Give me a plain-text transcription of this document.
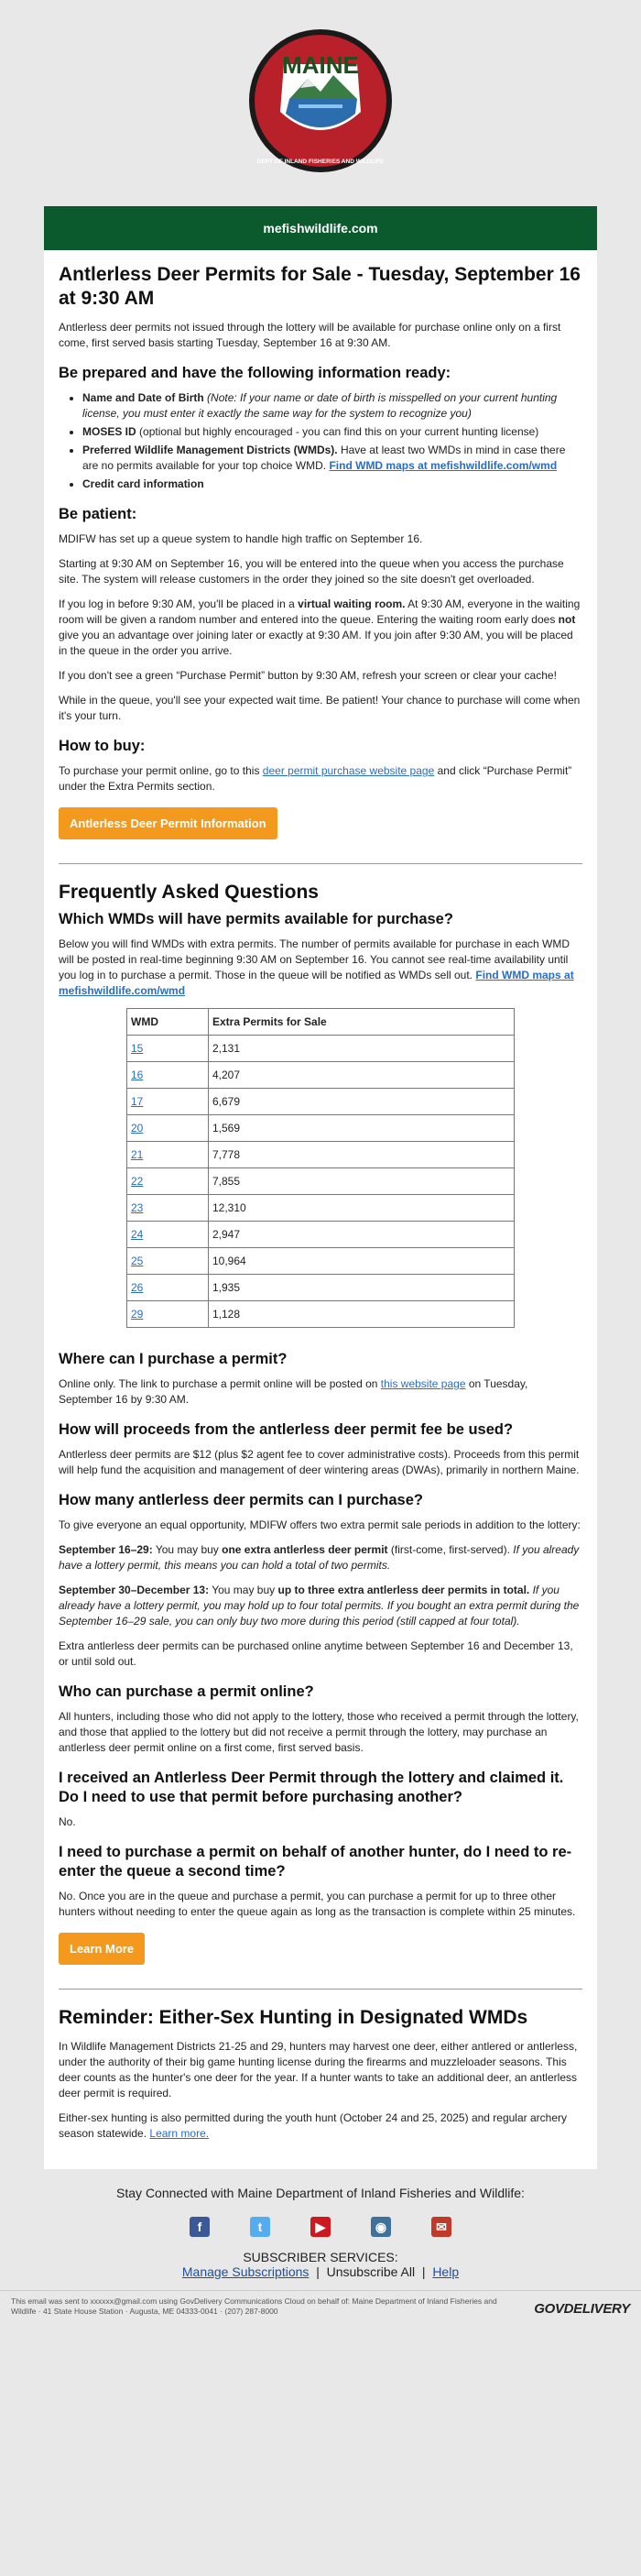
MAINE
DEPT OF INLAND FISHERIES AND WILDLIFE
mefishwildlife.com
Antlerless Deer Permits for Sale - Tuesday, September 16 at 9:30 AM

Antlerless deer permits not issued through the lottery will be available for purchase online only on a first come, first served basis starting Tuesday, September 16 at 9:30 AM.

Be prepared and have the following information ready:
• Name and Date of Birth (Note: If your name or date of birth is misspelled on your current hunting license, you must enter it exactly the same way for the system to recognize you)
• MOSES ID (optional but highly encouraged - you can find this on your current hunting license)
• Preferred Wildlife Management Districts (WMDs). Have at least two WMDs in mind in case there are no permits available for your top choice WMD. Find WMD maps at mefishwildlife.com/wmd
• Credit card information
Be patient:

MDIFW has set up a queue system to handle high traffic on September 16.

Starting at 9:30 AM on September 16, you will be entered into the queue when you access the purchase site. The system will release customers in the order they joined so the site doesn't get overloaded.

If you log in before 9:30 AM, you'll be placed in a virtual waiting room. At 9:30 AM, everyone in the waiting room will be given a random number and entered into the queue. Entering the waiting room early does not give you an advantage over joining later or exactly at 9:30 AM. If you join after 9:30 AM, you will be placed in the queue in the order you arrive.

If you don't see a green “Purchase Permit” button by 9:30 AM, refresh your screen or clear your cache!

While in the queue, you'll see your expected wait time. Be patient! Your chance to purchase will come when it's your turn.

How to buy:

To purchase your permit online, go to this deer permit purchase website page and click “Purchase Permit” under the Extra Permits section.

Antlerless Deer Permit Information
Frequently Asked Questions
Which WMDs will have permits available for purchase?

Below you will find WMDs with extra permits. The number of permits available for purchase in each WMD will be posted in real-time beginning 9:30 AM on September 16. You cannot see real-time availability until you log in to purchase a permit. Those in the queue will be notified as WMDs sell out. Find WMD maps at mefishwildlife.com/wmd

WMD	Extra Permits for Sale
15	2,131
16	4,207
17	6,679
20	1,569
21	7,778
22	7,855
23	12,310
24	2,947
25	10,964
26	1,935
29	1,128
Where can I purchase a permit?

Online only. The link to purchase a permit online will be posted on this website page on Tuesday, September 16 by 9:30 AM.

How will proceeds from the antlerless deer permit fee be used?

Antlerless deer permits are $12 (plus $2 agent fee to cover administrative costs). Proceeds from this permit will help fund the acquisition and management of deer wintering areas (DWAs), primarily in northern Maine.

How many antlerless deer permits can I purchase?

To give everyone an equal opportunity, MDIFW offers two extra permit sale periods in addition to the lottery:

September 16–29: You may buy one extra antlerless deer permit (first-come, first-served). If you already have a lottery permit, this means you can hold a total of two permits.

September 30–December 13: You may buy up to three extra antlerless deer permits in total. If you already have a lottery permit, you may hold up to four total permits. If you bought an extra permit during the September 16–29 sale, you can only buy two more during this period (still capped at four total).

Extra antlerless deer permits can be purchased online anytime between September 16 and December 13, or until sold out.

Who can purchase a permit online?

All hunters, including those who did not apply to the lottery, those who received a permit through the lottery, and those that applied to the lottery but did not receive a permit through the lottery, may purchase an antlerless deer permit online on a first come, first served basis.

I received an Antlerless Deer Permit through the lottery and claimed it. Do I need to use that permit before purchasing another?

No.

I need to purchase a permit on behalf of another hunter, do I need to re-enter the queue a second time?

No. Once you are in the queue and purchase a permit, you can purchase a permit for up to three other hunters without needing to enter the queue again as long as the transaction is complete within 25 minutes.

Learn More
Reminder: Either-Sex Hunting in Designated WMDs

In Wildlife Management Districts 21-25 and 29, hunters may harvest one deer, either antlered or antlerless, under the authority of their big game hunting license during the firearms and muzzleloader seasons. This deer counts as the hunter's one deer for the year. If a hunter wants to take an additional deer, an antlerless deer permit is required.

Either-sex hunting is also permitted during the youth hunt (October 24 and 25, 2025) and regular archery season statewide. Learn more.

Stay Connected with Maine Department of Inland Fisheries and Wildlife:
f	t	▶	◉	✉
SUBSCRIBER SERVICES:
Manage Subscriptions | Unsubscribe All | Help
This email was sent to xxxxxx@gmail.com using GovDelivery Communications Cloud on behalf of: Maine Department of Inland Fisheries and Wildlife · 41 State House Station · Augusta, ME 04333-0041 · (207) 287-8000	GOVDELIVERY
